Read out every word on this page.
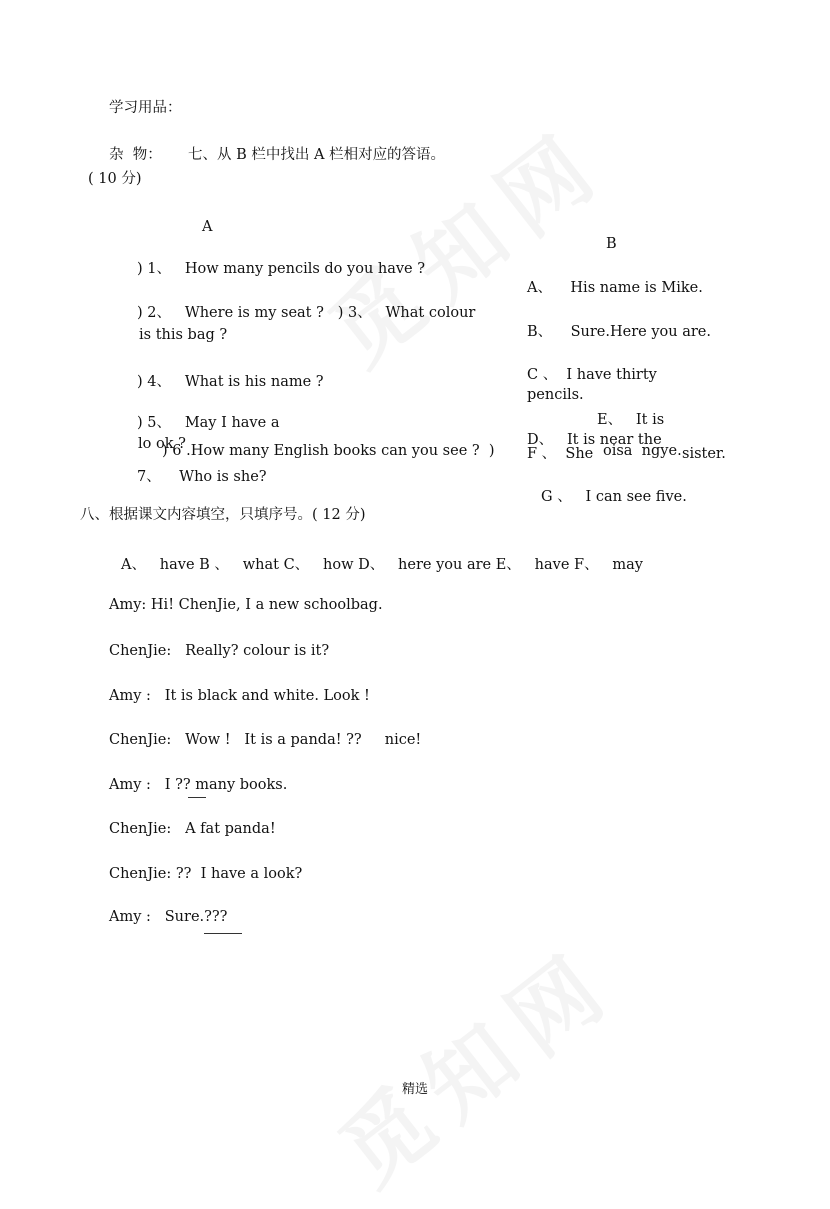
学习用品：
杂  物： 七、从 B 栏中找出 A 栏相对应的答语。
( 10 分)
A
B
) 1、   How many pencils do you have ?
) 2、   Where is my seat ?   ) 3、   What colour
is this bag ?
) 4、   What is his name ?
) 5、   May I have a
lo ok ?
) 6 .How many English books can you see ?  )
7、    Who is she?
A、    His name is Mike.
B、    Sure.Here you are.
C 、  I have thirty
pencils.
E、   It is
D、   It is near the
F 、  She oisa  ngye. sister.
G 、   I can see five.
八、根据课文内容填空，只填序号。( 12 分)
A、   have B 、   what C、   how D、   here you are E、   have F、   may
Amy: Hi! ChenJie, I a new schoolbag.
ChenJie:   Really? colour is it?
Amy :   It is black and white. Look !
ChenJie:   Wow !   It is a panda! ??     nice!
Amy :   I ?? many books.
ChenJie:   A fat panda!
ChenJie: ??  I have a look?
Amy :   Sure.???
精选
